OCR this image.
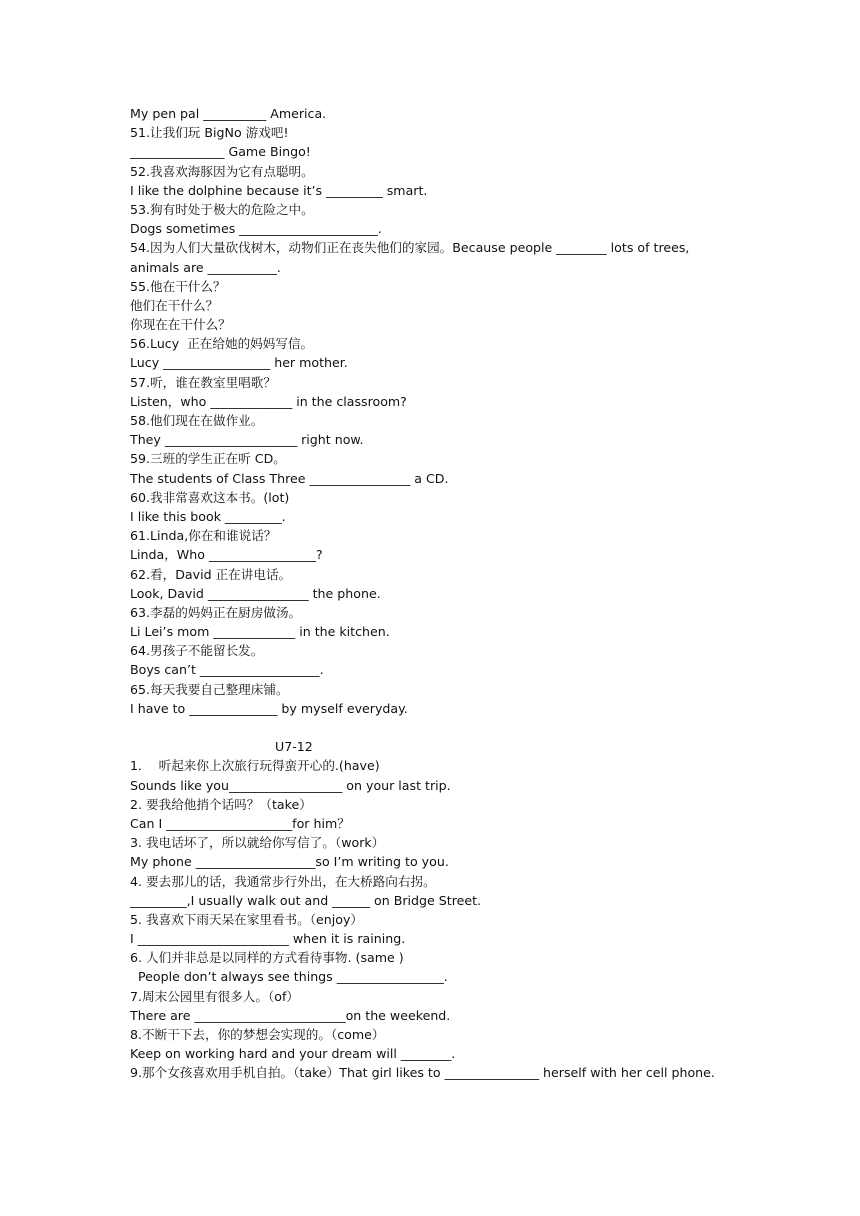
My pen pal __________ America.
51.让我们玩 BigNo 游戏吧!
_______________ Game Bingo!
52.我喜欢海豚因为它有点聪明。
I like the dolphine because it’s _________ smart.
53.狗有时处于极大的危险之中。
Dogs sometimes ______________________.
54.因为人们大量砍伐树木，动物们正在丧失他们的家园。Because people ________ lots of trees, animals are ___________.
55.他在干什么？
他们在干什么？
你现在在干什么？
56.Lucy  正在给她的妈妈写信。
Lucy _________________ her mother.
57.听，谁在教室里唱歌？
Listen，who _____________ in the classroom?
58.他们现在在做作业。
They _____________________ right now.
59.三班的学生正在听 CD。
The students of Class Three ________________ a CD.
60.我非常喜欢这本书。(lot)
I like this book _________.
61.Linda,你在和谁说话？
Linda，Who _________________?
62.看，David 正在讲电话。
Look, David ________________ the phone.
63.李磊的妈妈正在厨房做汤。
Li Lei’s mom _____________ in the kitchen.
64.男孩子不能留长发。
Boys can’t ___________________.
65.每天我要自己整理床铺。
I have to ______________ by myself everyday.
U7-12
1．  听起来你上次旅行玩得蛮开心的.(have)
Sounds like you__________________ on your last trip.
2. 要我给他捎个话吗？（take）
Can I ____________________for him？
3. 我电话坏了，所以就给你写信了。（work）
My phone ___________________so I’m writing to you.
4. 要去那儿的话，我通常步行外出，在大桥路向右拐。
_________,I usually walk out and ______ on Bridge Street.
5. 我喜欢下雨天呆在家里看书。（enjoy）
I ________________________ when it is raining.
6. 人们并非总是以同样的方式看待事物. (same )
People don’t always see things _________________.
7.周末公园里有很多人。（of）
There are ________________________on the weekend.
8.不断干下去，你的梦想会实现的。（come）
Keep on working hard and your dream will ________.
9.那个女孩喜欢用手机自拍。（take）That girl likes to _______________ herself with her cell phone.
